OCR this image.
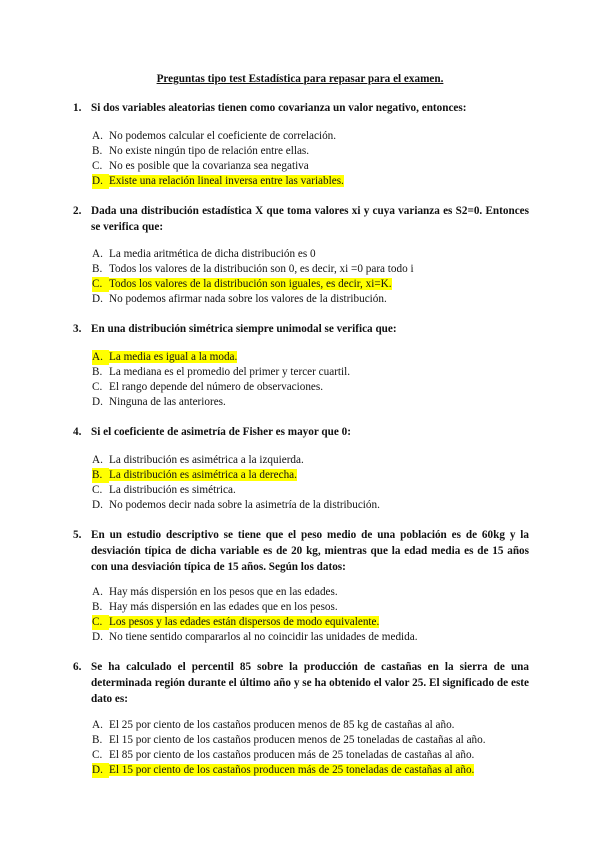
Preguntas tipo test Estadística para repasar para el examen.
1. Si dos variables aleatorias tienen como covarianza un valor negativo, entonces:
A. No podemos calcular el coeficiente de correlación.
B. No existe ningún tipo de relación entre ellas.
C. No es posible que la covarianza sea negativa
D. Existe una relación lineal inversa entre las variables.
2. Dada una distribución estadística X que toma valores xi y cuya varianza es S2=0. Entonces se verifica que:
A. La media aritmética de dicha distribución es 0
B. Todos los valores de la distribución son 0, es decir, xi =0 para todo i
C. Todos los valores de la distribución son iguales, es decir, xi=K.
D. No podemos afirmar nada sobre los valores de la distribución.
3. En una distribución simétrica siempre unimodal se verifica que:
A. La media es igual a la moda.
B. La mediana es el promedio del primer y tercer cuartil.
C. El rango depende del número de observaciones.
D. Ninguna de las anteriores.
4. Si el coeficiente de asimetría de Fisher es mayor que 0:
A. La distribución es asimétrica a la izquierda.
B. La distribución es asimétrica a la derecha.
C. La distribución es simétrica.
D. No podemos decir nada sobre la asimetría de la distribución.
5. En un estudio descriptivo se tiene que el peso medio de una población es de 60kg y la desviación típica de dicha variable es de 20 kg, mientras que la edad media es de 15 años con una desviación típica de 15 años. Según los datos:
A. Hay más dispersión en los pesos que en las edades.
B. Hay más dispersión en las edades que en los pesos.
C. Los pesos y las edades están dispersos de modo equivalente.
D. No tiene sentido compararlos al no coincidir las unidades de medida.
6. Se ha calculado el percentil 85 sobre la producción de castañas en la sierra de una determinada región durante el último año y se ha obtenido el valor 25. El significado de este dato es:
A. El 25 por ciento de los castaños producen menos de 85 kg de castañas al año.
B. El 15 por ciento de los castaños producen menos de 25 toneladas de castañas al año.
C. El 85 por ciento de los castaños producen más de 25 toneladas de castañas al año.
D. El 15 por ciento de los castaños producen más de 25 toneladas de castañas al año.
